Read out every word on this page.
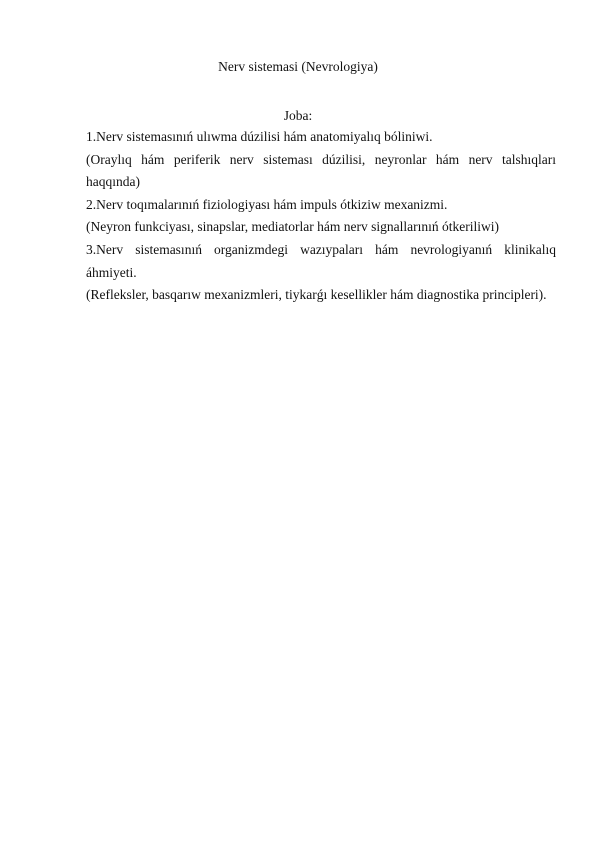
Nerv sistemasi (Nevrologiya)
Joba:

1.Nerv sistemasınıń ulıwma dúzilisi hám anatomiyalıq bóliniwi.

(Oraylıq hám periferik nerv sisteması dúzilisi, neyronlar hám nerv talshıqları haqqında)

2.Nerv toqımalarınıń fiziologiyası hám impuls ótkiziw mexanizmi.

(Neyron funkciyası, sinapslar, mediatorlar hám nerv signallarınıń ótkeriliwi)

3.Nerv sistemasınıń organizmdegi wazıypaları hám nevrologiyanıń klinikalıq áhmiyeti.

(Refleksler, basqarıw mexanizmleri, tiykarǵı kesellikler hám diagnostika principleri).
